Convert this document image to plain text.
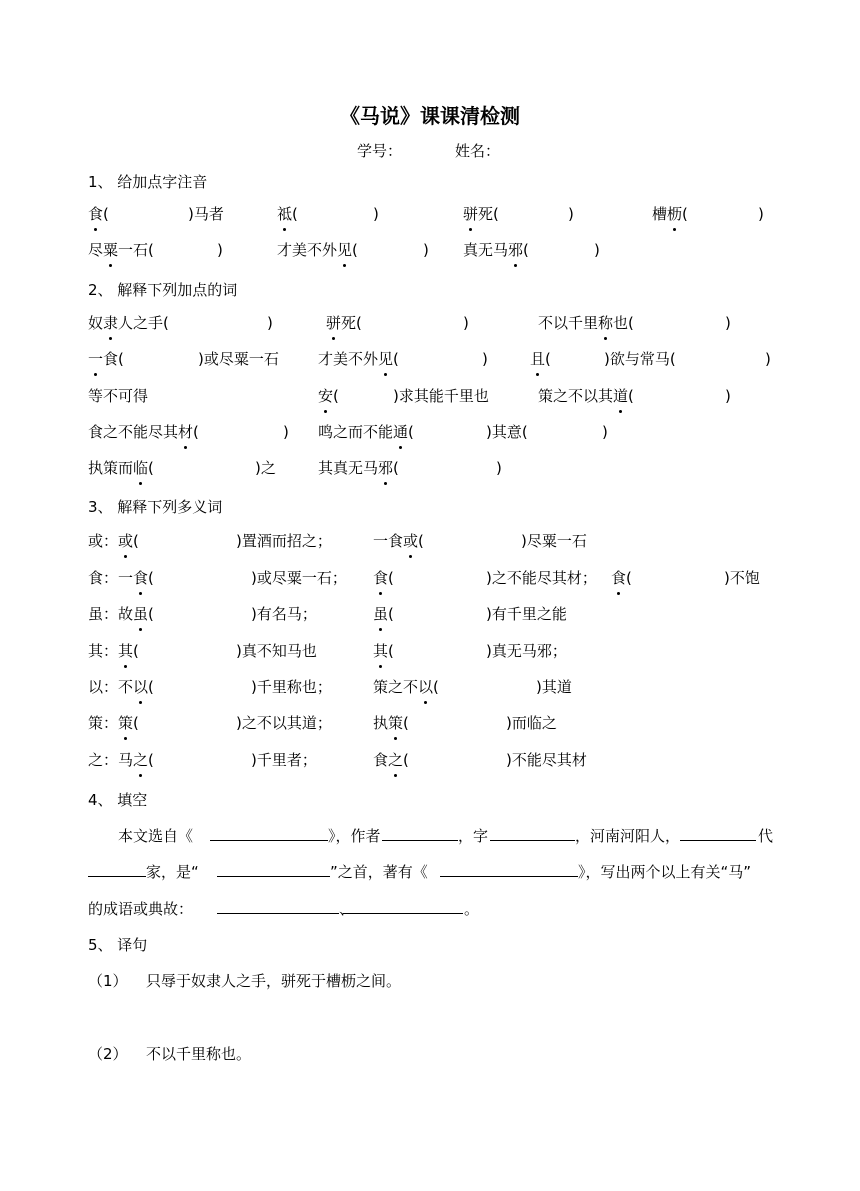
《马说》课课清检测
学号：	姓名：
1、 给加点字注音
食(	)马者	祗(	)	骈死(	)	槽枥(	)
尽粟一石(	)	才美不外见(	) 真无马邪(	)
2、 解释下列加点的词
奴隶人之手(	)	骈死(	)	不以千里称也(	)
一食(	)或尽粟一石	才美不外见(	)	且(	)欲与常马(	)
等不可得	安(	)求其能千里也	策之不以其道(	)
食之不能尽其材(	) 鸣之而不能通(	)其意(	)
执策而临(	)之	其真无马邪(	)
3、 解释下列多义词
或：或(	)置酒而招之；	一食或(	)尽粟一石
食：一食(	)或尽粟一石； 食(	)之不能尽其材； 食(	)不饱
虽：故虽(	)有名马；	虽(	)有千里之能
其：其(	)真不知马也	其(	)真无马邪；
以：不以(	)千里称也；	策之不以(	)其道
策：策(	)之不以其道；	执策(	)而临之
之：马之(	)千里者；	食之(	)不能尽其材
4、 填空
本文选自《	》，作者	，字	，河南河阳人，	代
家，是“	”之首，著有《	》，写出两个以上有关“马”
的成语或典故：	、	。
5、 译句
（1） 只辱于奴隶人之手，骈死于槽枥之间。
（2） 不以千里称也。
